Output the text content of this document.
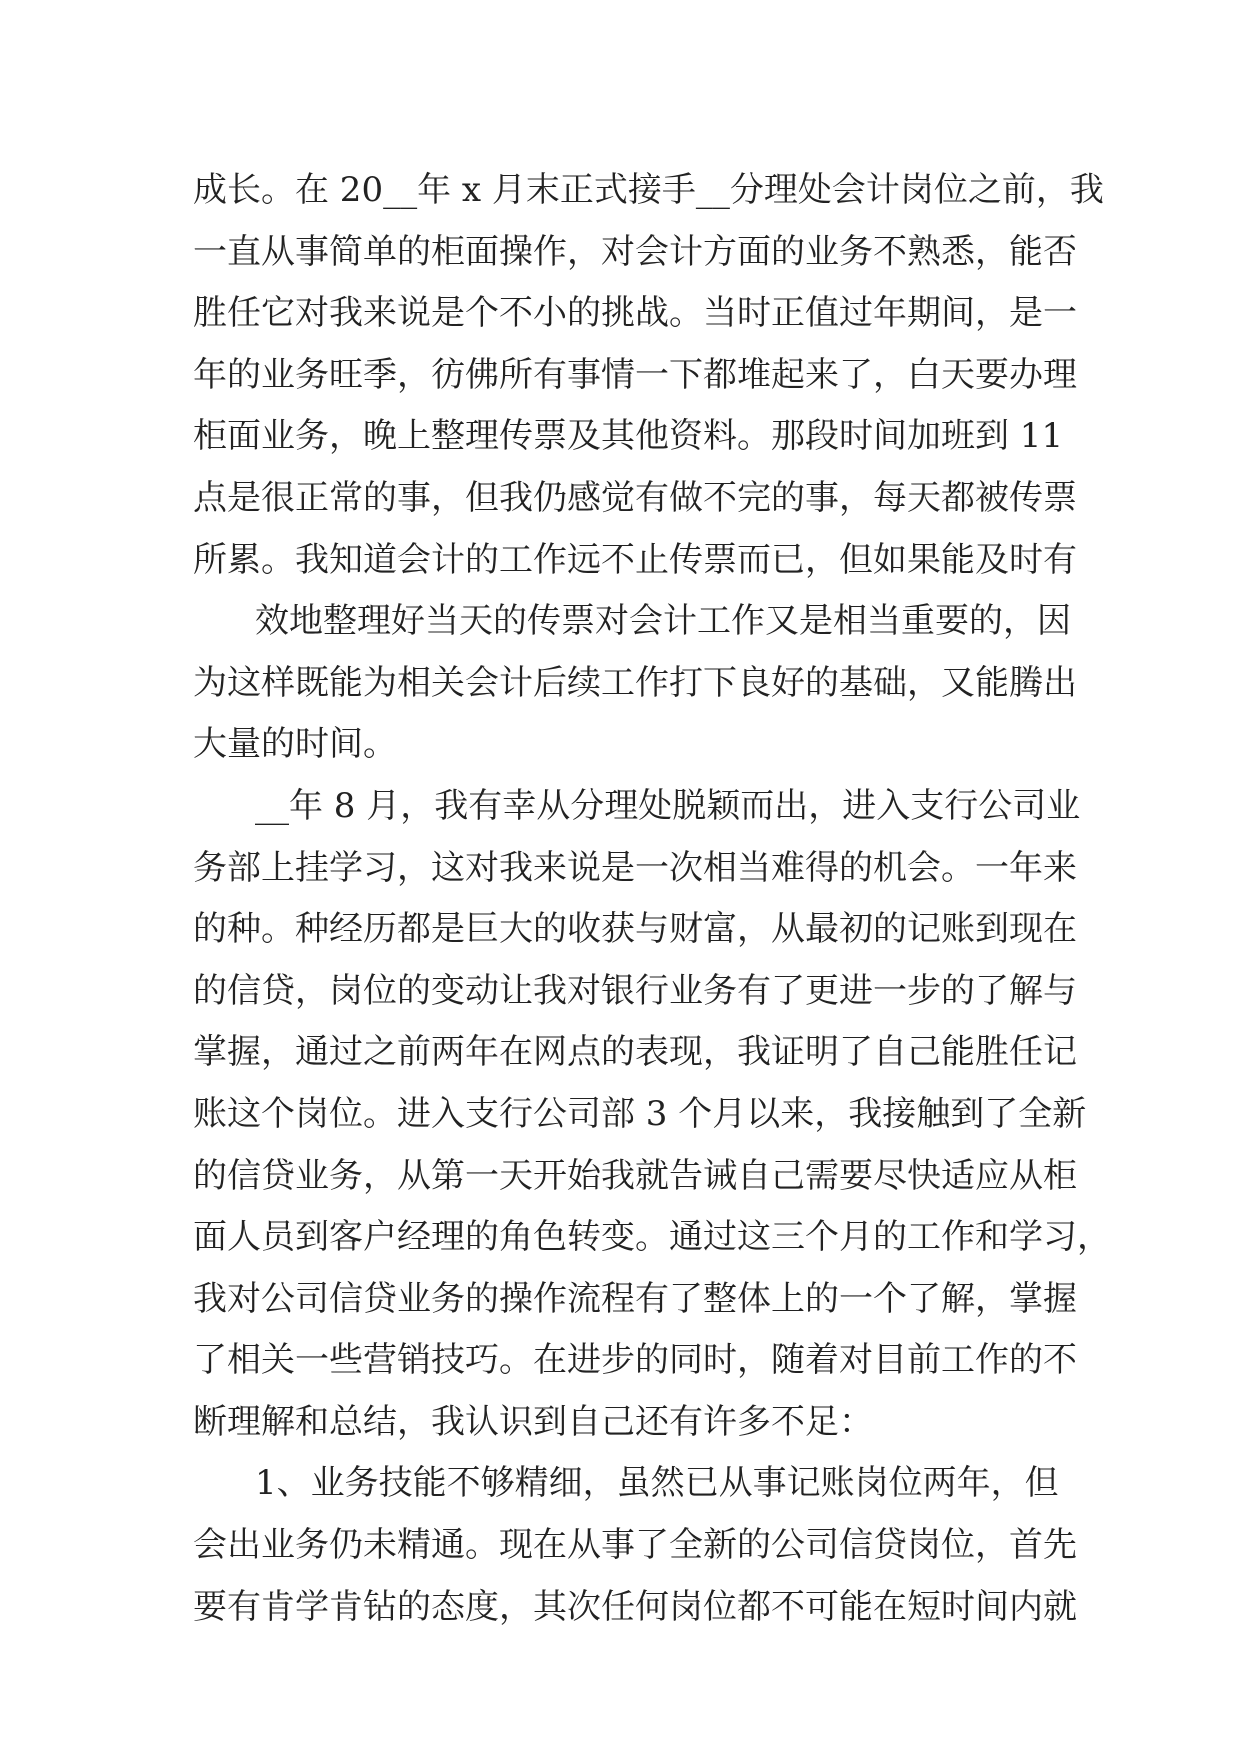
成长。在 20__年 x 月末正式接手__分理处会计岗位之前，我
一直从事简单的柜面操作，对会计方面的业务不熟悉，能否
胜任它对我来说是个不小的挑战。当时正值过年期间，是一
年的业务旺季，彷佛所有事情一下都堆起来了，白天要办理
柜面业务，晚上整理传票及其他资料。那段时间加班到 11
点是很正常的事，但我仍感觉有做不完的事，每天都被传票
所累。我知道会计的工作远不止传票而已，但如果能及时有
效地整理好当天的传票对会计工作又是相当重要的，因
为这样既能为相关会计后续工作打下良好的基础，又能腾出
大量的时间。
__年 8 月，我有幸从分理处脱颖而出，进入支行公司业
务部上挂学习，这对我来说是一次相当难得的机会。一年来
的种。种经历都是巨大的收获与财富，从最初的记账到现在
的信贷，岗位的变动让我对银行业务有了更进一步的了解与
掌握，通过之前两年在网点的表现，我证明了自己能胜任记
账这个岗位。进入支行公司部 3 个月以来，我接触到了全新
的信贷业务，从第一天开始我就告诫自己需要尽快适应从柜
面人员到客户经理的角色转变。通过这三个月的工作和学习，
我对公司信贷业务的操作流程有了整体上的一个了解，掌握
了相关一些营销技巧。在进步的同时，随着对目前工作的不
断理解和总结，我认识到自己还有许多不足：
1、业务技能不够精细，虽然已从事记账岗位两年，但
会出业务仍未精通。现在从事了全新的公司信贷岗位，首先
要有肯学肯钻的态度，其次任何岗位都不可能在短时间内就
